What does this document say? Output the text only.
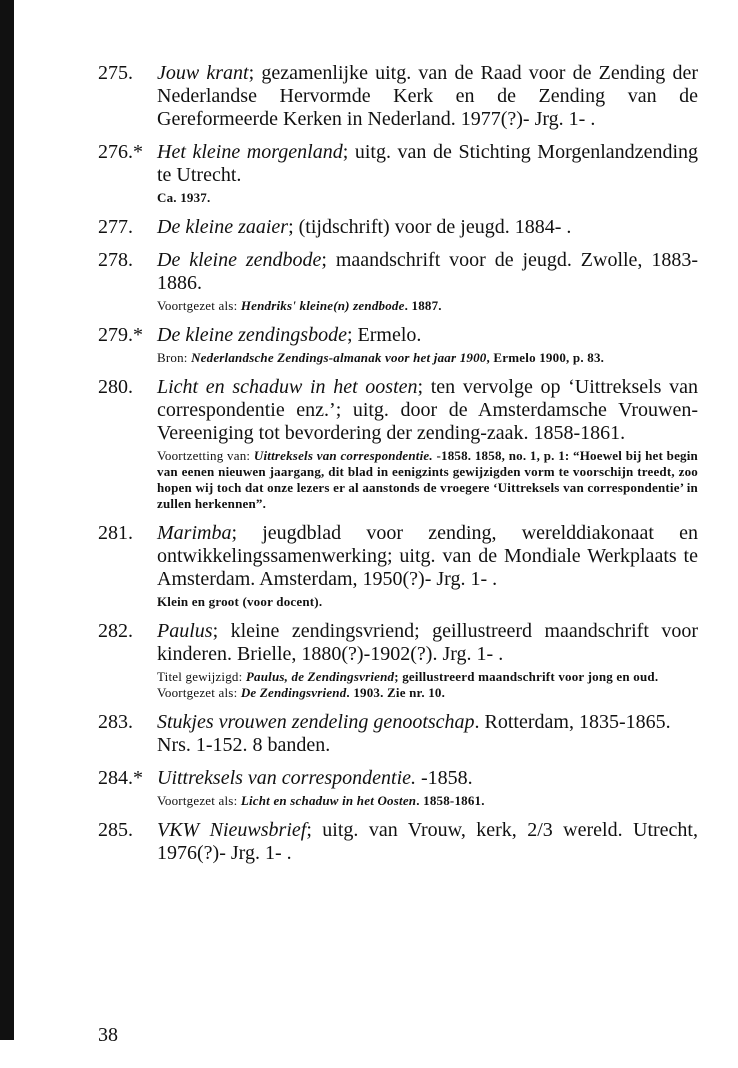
275.	Jouw krant; gezamenlijke uitg. van de Raad voor de Zending der Nederlandse Hervormde Kerk en de Zending van de Gereformeerde Kerken in Nederland. 1977(?)- Jrg. 1- .
276.* Het kleine morgenland; uitg. van de Stichting Morgenlandzending te Utrecht.
Ca. 1937.
277.	De kleine zaaier; (tijdschrift) voor de jeugd. 1884- .
278.	De kleine zendbode; maandschrift voor de jeugd. Zwolle, 1883-1886.
Voortgezet als: Hendriks' kleine(n) zendbode. 1887.
279.* De kleine zendingsbode; Ermelo.
Bron: Nederlandsche Zendings-almanak voor het jaar 1900, Ermelo 1900, p. 83.
280.	Licht en schaduw in het oosten; ten vervolge op ‘Uittreksels van correspondentie enz.’; uitg. door de Amsterdamsche Vrouwen-Vereeniging tot bevordering der zending-zaak. 1858-1861.
Voortzetting van: Uittreksels van correspondentie. -1858. 1858, no. 1, p. 1: “Hoewel bij het begin van eenen nieuwen jaargang, dit blad in eenigzints gewijzigden vorm te voorschijn treedt, zoo hopen wij toch dat onze lezers er al aanstonds de vroegere ‘Uittreksels van correspondentie’ in zullen herkennen”.
281.	Marimba; jeugdblad voor zending, werelddiakonaat en ontwikkelingssamenwerking; uitg. van de Mondiale Werkplaats te Amsterdam. Amsterdam, 1950(?)- Jrg. 1- .
Klein en groot (voor docent).
282.	Paulus; kleine zendingsvriend; geillustreerd maandschrift voor kinderen. Brielle, 1880(?)-1902(?). Jrg. 1- .
Titel gewijzigd: Paulus, de Zendingsvriend; geillustreerd maandschrift voor jong en oud.
Voortgezet als: De Zendingsvriend. 1903. Zie nr. 10.
283.	Stukjes vrouwen zendeling genootschap. Rotterdam, 1835-1865. Nrs. 1-152. 8 banden.
284.* Uittreksels van correspondentie. -1858.
Voortgezet als: Licht en schaduw in het Oosten. 1858-1861.
285.	VKW Nieuwsbrief; uitg. van Vrouw, kerk, 2/3 wereld. Utrecht, 1976(?)- Jrg. 1- .
38
